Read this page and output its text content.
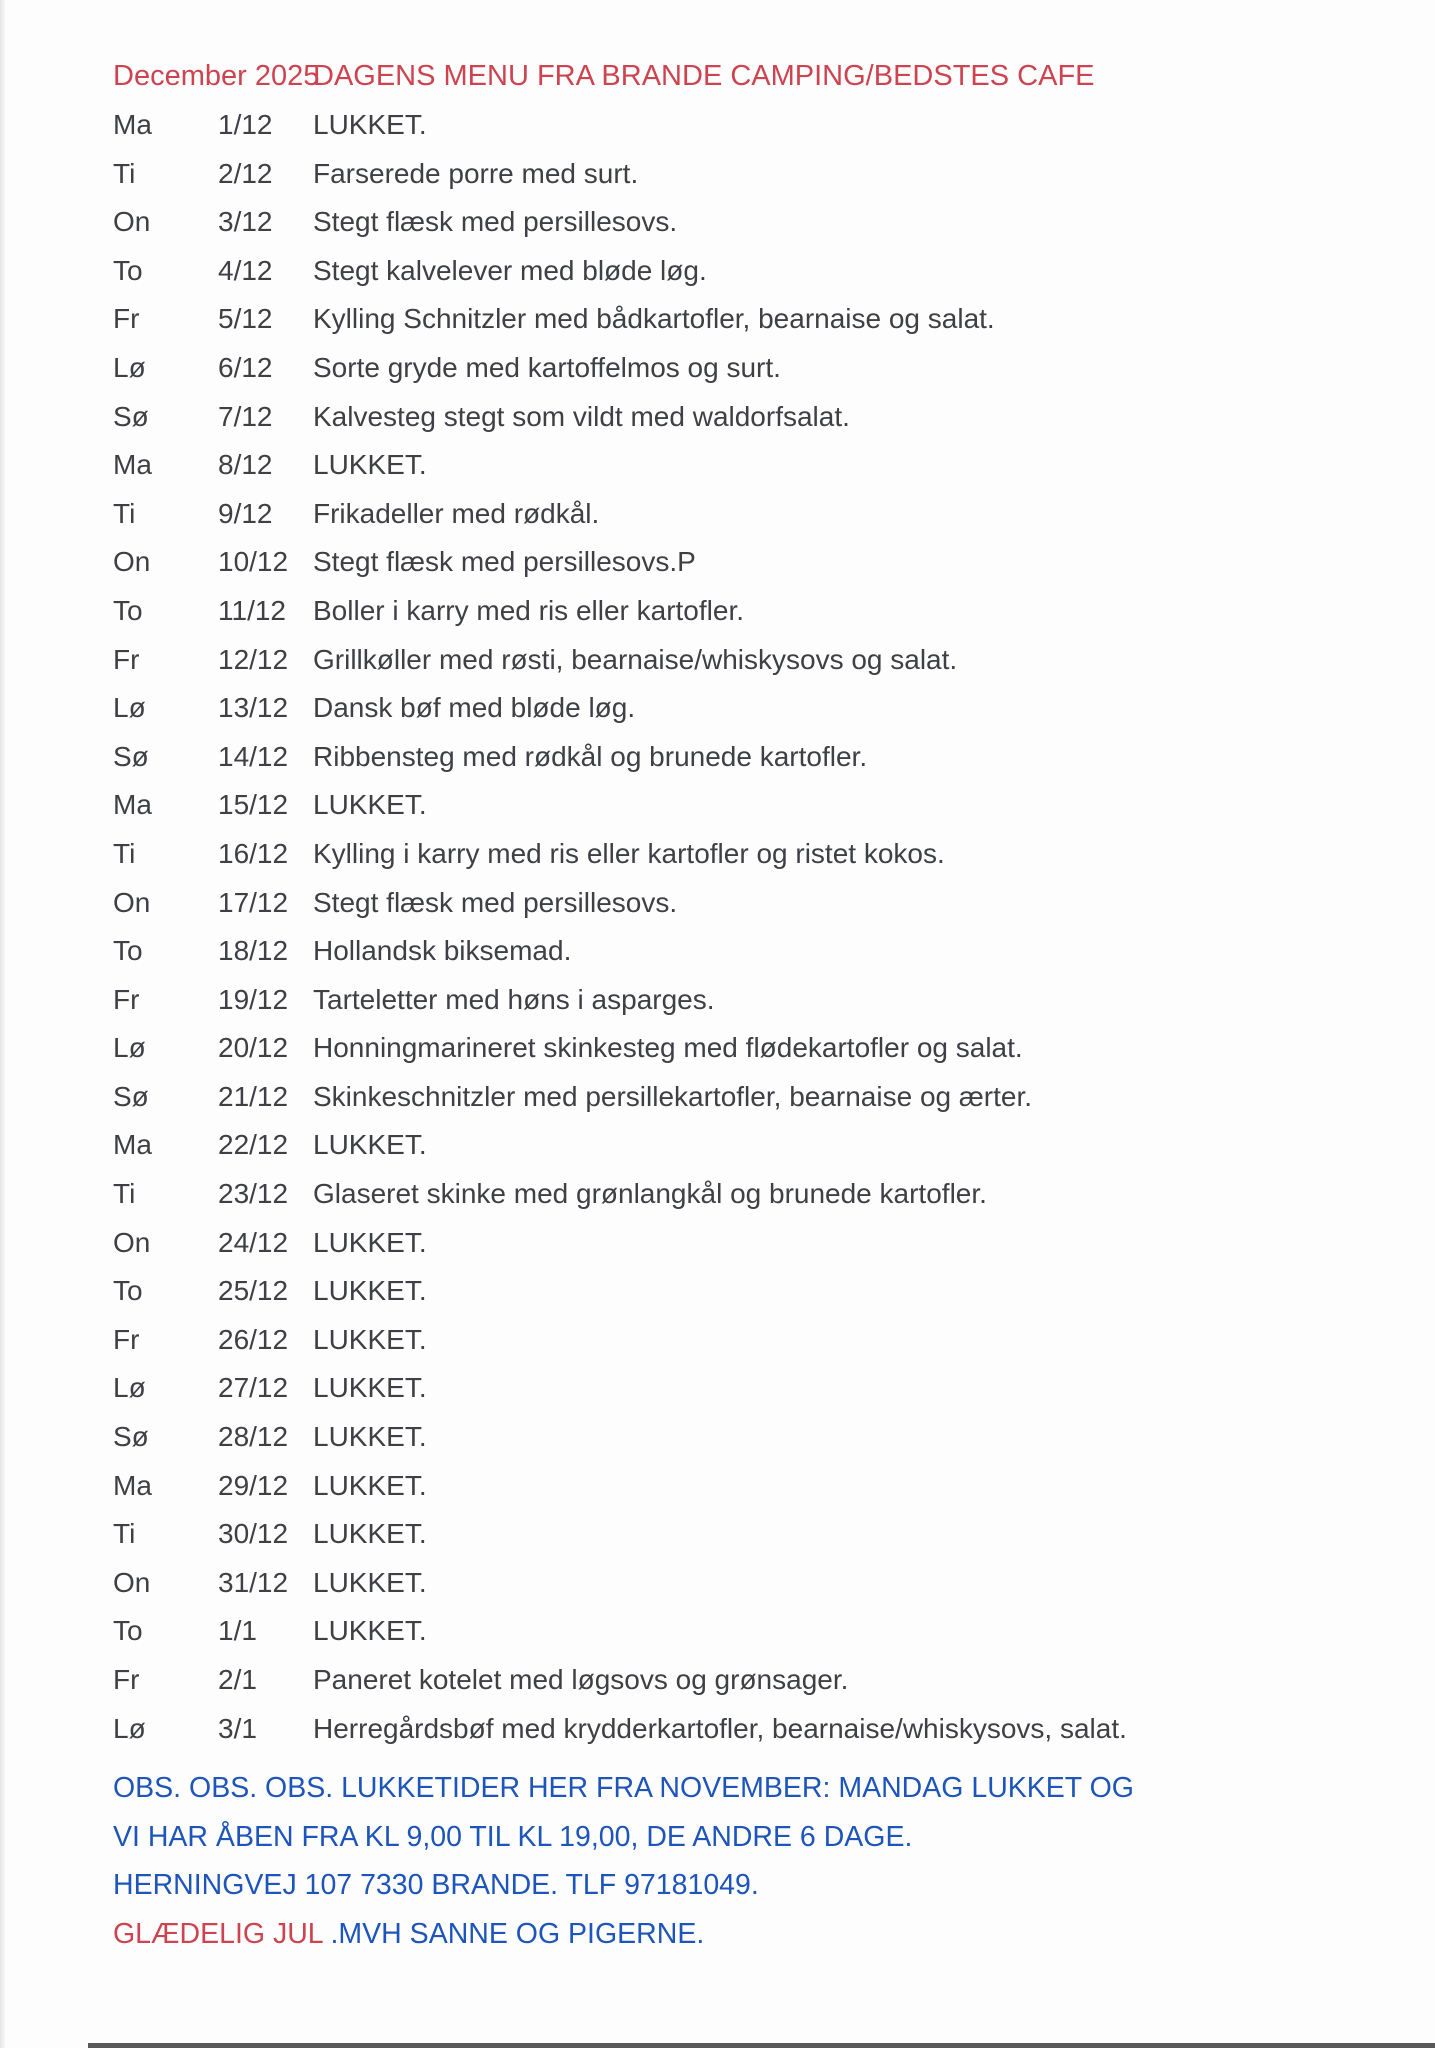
December 2025
DAGENS MENU FRA BRANDE CAMPING/BEDSTES CAFE
Ma	1/12	LUKKET.
Ti	2/12	Farserede porre med surt.
On	3/12	Stegt flæsk med persillesovs.
To	4/12	Stegt kalvelever med bløde løg.
Fr	5/12	Kylling Schnitzler med bådkartofler, bearnaise og salat.
Lø	6/12	Sorte gryde med kartoffelmos og surt.
Sø	7/12	Kalvesteg stegt som vildt med waldorfsalat.
Ma	8/12	LUKKET.
Ti	9/12	Frikadeller med rødkål.
On	10/12 Stegt flæsk med persillesovs.P
To	11/12 Boller i karry med ris eller kartofler.
Fr	12/12 Grillkøller med røsti, bearnaise/whiskysovs og salat.
Lø	13/12 Dansk bøf med bløde løg.
Sø	14/12 Ribbensteg med rødkål og brunede kartofler.
Ma	15/12 LUKKET.
Ti	16/12 Kylling i karry med ris eller kartofler og ristet kokos.
On	17/12 Stegt flæsk med persillesovs.
To	18/12 Hollandsk biksemad.
Fr	19/12 Tarteletter med høns i asparges.
Lø	20/12 Honningmarineret skinkesteg med flødekartofler og salat.
Sø	21/12 Skinkeschnitzler med persillekartofler, bearnaise og ærter.
Ma	22/12 LUKKET.
Ti	23/12 Glaseret skinke med grønlangkål og brunede kartofler.
On	24/12 LUKKET.
To	25/12 LUKKET.
Fr	26/12 LUKKET.
Lø	27/12 LUKKET.
Sø	28/12 LUKKET.
Ma	29/12 LUKKET.
Ti	30/12 LUKKET.
On	31/12 LUKKET.
To	1/1	LUKKET.
Fr	2/1	Paneret kotelet med løgsovs og grønsager.
Lø	3/1	Herregårdsbøf med krydderkartofler, bearnaise/whiskysovs, salat.
OBS. OBS. OBS. LUKKETIDER HER FRA NOVEMBER: MANDAG LUKKET OG
VI HAR ÅBEN FRA KL 9,00 TIL KL 19,00, DE ANDRE 6 DAGE.
HERNINGVEJ 107 7330 BRANDE. TLF 97181049.
GLÆDELIG JUL .MVH SANNE OG PIGERNE.
